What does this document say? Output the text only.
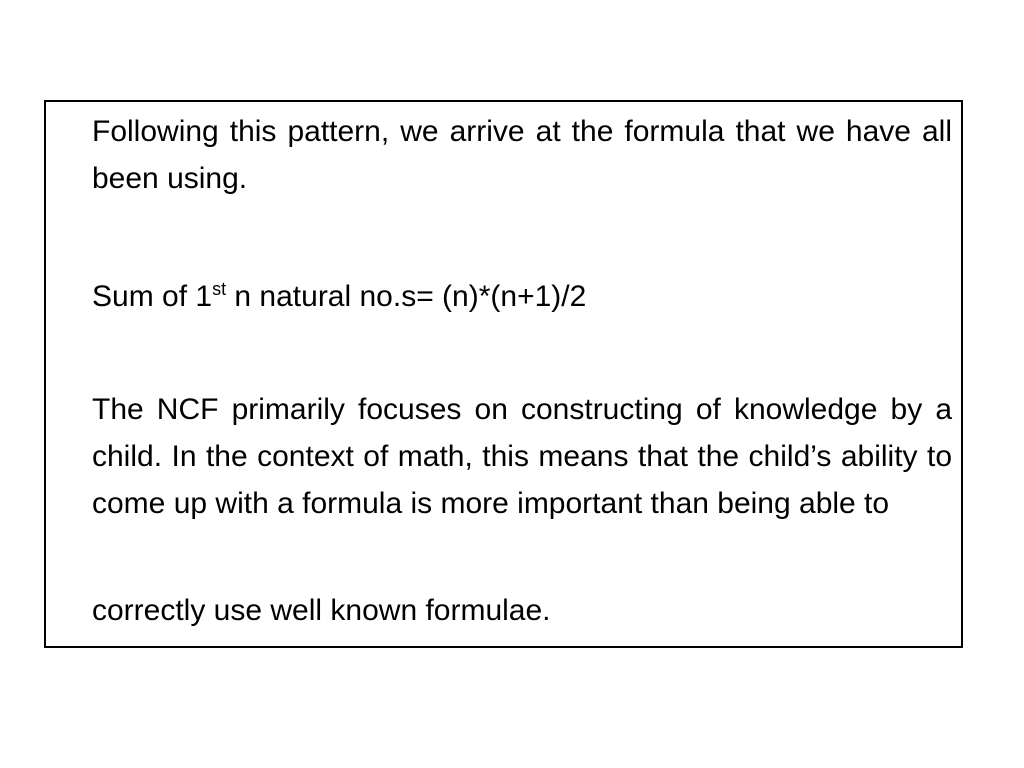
Following this pattern, we arrive at the formula that we have all been using.

Sum of 1st n natural no.s= (n)*(n+1)/2

The NCF primarily focuses on constructing of knowledge by a child. In the context of math, this means that the child’s ability to come up with a formula is more important than being able to

correctly use well known formulae.
